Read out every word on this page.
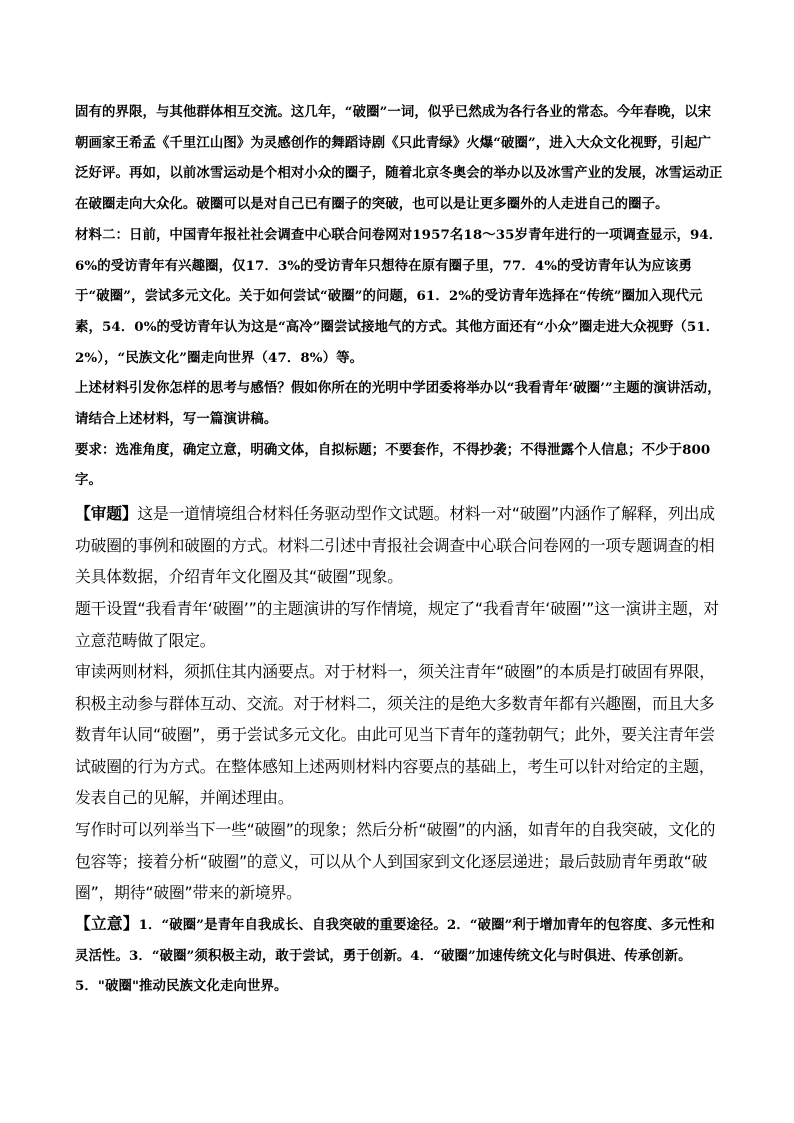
固有的界限，与其他群体相互交流。这几年，“破圈”一词，似乎已然成为各行各业的常态。今年春晚，以宋朝画家王希孟《千里江山图》为灵感创作的舞蹈诗剧《只此青绿》火爆“破圈”，进入大众文化视野，引起广泛好评。再如，以前冰雪运动是个相对小众的圈子，随着北京冬奥会的举办以及冰雪产业的发展，冰雪运动正在破圈走向大众化。破圈可以是对自己已有圈子的突破，也可以是让更多圈外的人走进自己的圈子。

材料二：日前，中国青年报社社会调查中心联合问卷网对1957名18～35岁青年进行的一项调查显示，94．6%的受访青年有兴趣圈，仅17．3%的受访青年只想待在原有圈子里，77．4%的受访青年认为应该勇于“破圈”，尝试多元文化。关于如何尝试“破圈”的问题，61．2%的受访青年选择在“传统”圈加入现代元素，54．0%的受访青年认为这是“高冷”圈尝试接地气的方式。其他方面还有“小众”圈走进大众视野（51．2%），“民族文化”圈走向世界（47．8%）等。

上述材料引发你怎样的思考与感悟？假如你所在的光明中学团委将举办以“我看青年‘破圈’”主题的演讲活动，请结合上述材料，写一篇演讲稿。

要求：选准角度，确定立意，明确文体，自拟标题；不要套作，不得抄袭；不得泄露个人信息；不少于800字。

【审题】这是一道情境组合材料任务驱动型作文试题。材料一对“破圈”内涵作了解释，列出成功破圈的事例和破圈的方式。材料二引述中青报社会调查中心联合问卷网的一项专题调查的相关具体数据，介绍青年文化圈及其“破圈”现象。

题干设置“我看青年‘破圈’”的主题演讲的写作情境，规定了“我看青年‘破圈’”这一演讲主题，对立意范畴做了限定。

审读两则材料，须抓住其内涵要点。对于材料一，须关注青年“破圈”的本质是打破固有界限，积极主动参与群体互动、交流。对于材料二，须关注的是绝大多数青年都有兴趣圈，而且大多数青年认同“破圈”，勇于尝试多元文化。由此可见当下青年的蓬勃朝气；此外，要关注青年尝试破圈的行为方式。在整体感知上述两则材料内容要点的基础上，考生可以针对给定的主题，发表自己的见解，并阐述理由。

写作时可以列举当下一些“破圈”的现象；然后分析“破圈”的内涵，如青年的自我突破，文化的包容等；接着分析“破圈”的意义，可以从个人到国家到文化逐层递进；最后鼓励青年勇敢“破圈”，期待“破圈”带来的新境界。

【立意】1．“破圈”是青年自我成长、自我突破的重要途径。2．“破圈”利于增加青年的包容度、多元性和灵活性。3．“破圈”须积极主动，敢于尝试，勇于创新。4．“破圈”加速传统文化与时俱进、传承创新。5．"破圈"推动民族文化走向世界。
